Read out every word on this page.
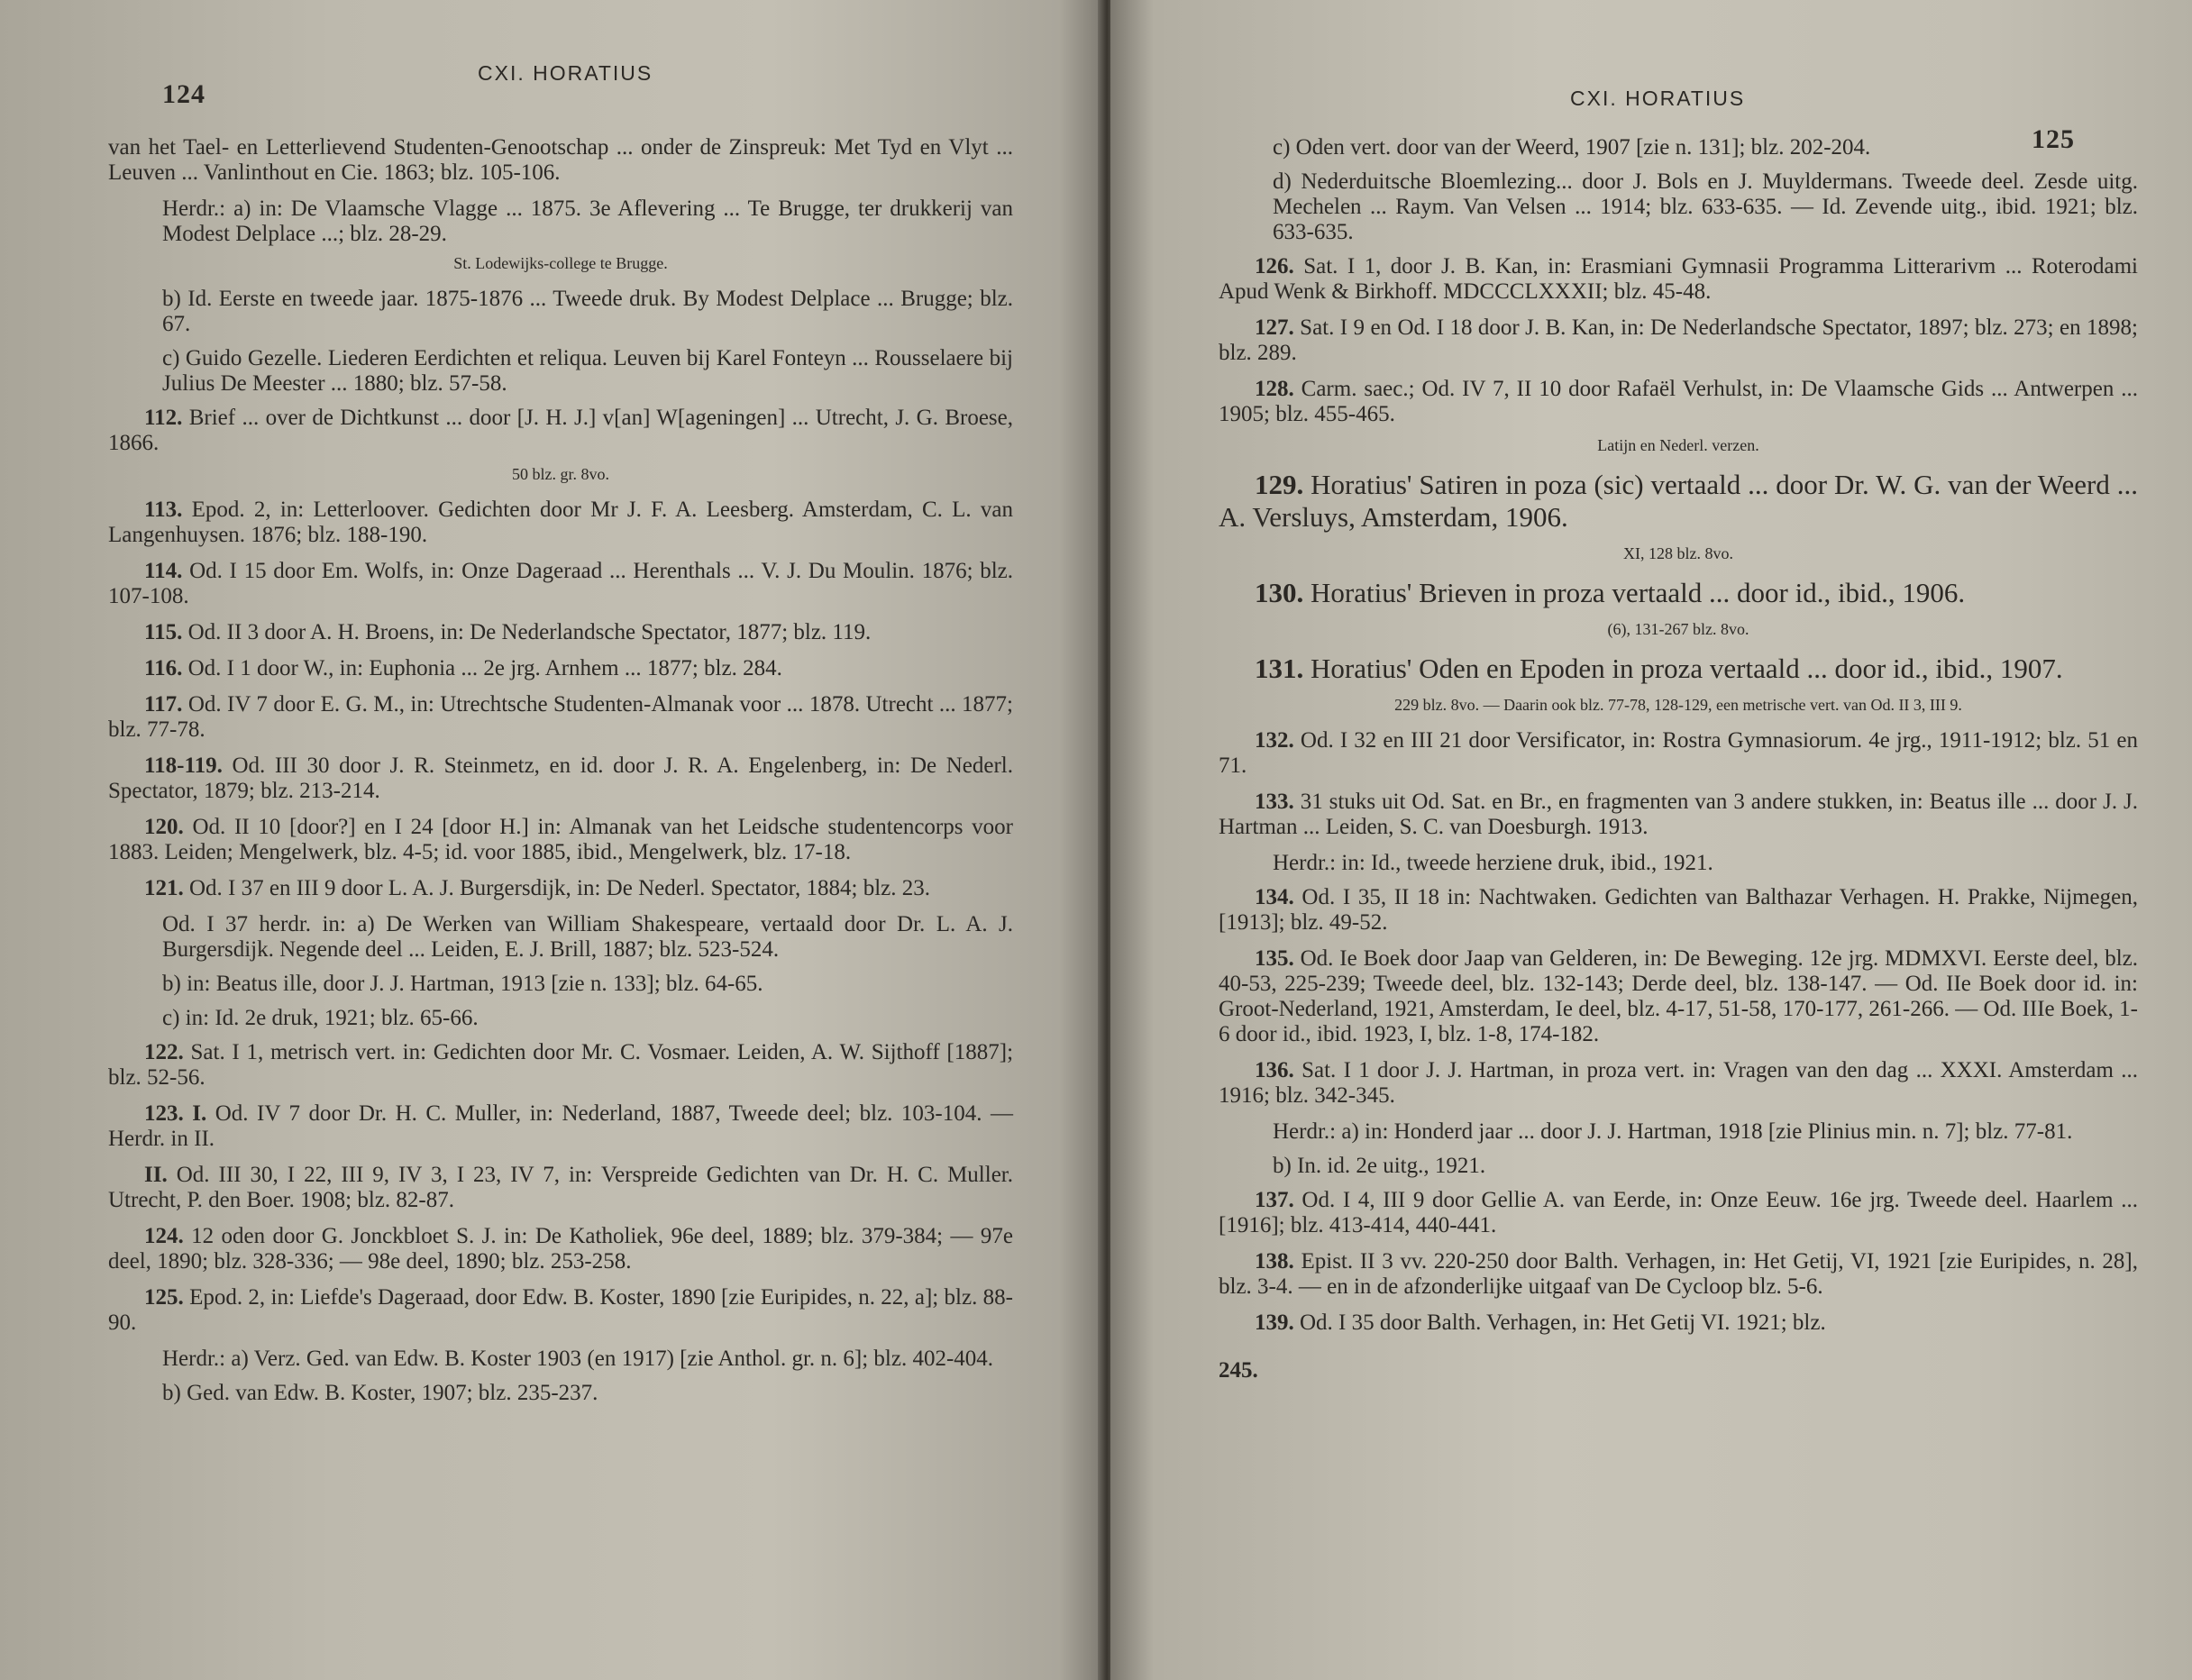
124
CXI. HORATIUS

van het Tael- en Letterlievend Studenten-Genootschap ... onder de Zinspreuk: Met Tyd en Vlyt ... Leuven ... Vanlinthout en Cie. 1863; blz. 105-106.

Herdr.: a) in: De Vlaamsche Vlagge ... 1875. 3e Aflevering ... Te Brugge, ter drukkerij van Modest Delplace ...; blz. 28-29.

St. Lodewijks-college te Brugge.

b) Id. Eerste en tweede jaar. 1875-1876 ... Tweede druk. By Modest Delplace ... Brugge; blz. 67.

c) Guido Gezelle. Liederen Eerdichten et reliqua. Leuven bij Karel Fonteyn ... Rousselaere bij Julius De Meester ... 1880; blz. 57-58.

112. Brief ... over de Dichtkunst ... door [J. H. J.] v[an] W[ageningen] ... Utrecht, J. G. Broese, 1866.

50 blz. gr. 8vo.

113. Epod. 2, in: Letterloover. Gedichten door Mr J. F. A. Leesberg. Amsterdam, C. L. van Langenhuysen. 1876; blz. 188-190.

114. Od. I 15 door Em. Wolfs, in: Onze Dageraad ... Herenthals ... V. J. Du Moulin. 1876; blz. 107-108.

115. Od. II 3 door A. H. Broens, in: De Nederlandsche Spectator, 1877; blz. 119.

116. Od. I 1 door W., in: Euphonia ... 2e jrg. Arnhem ... 1877; blz. 284.

117. Od. IV 7 door E. G. M., in: Utrechtsche Studenten-Almanak voor ... 1878. Utrecht ... 1877; blz. 77-78.

118-119. Od. III 30 door J. R. Steinmetz, en id. door J. R. A. Engelenberg, in: De Nederl. Spectator, 1879; blz. 213-214.

120. Od. II 10 [door?] en I 24 [door H.] in: Almanak van het Leidsche studentencorps voor 1883. Leiden; Mengelwerk, blz. 4-5; id. voor 1885, ibid., Mengelwerk, blz. 17-18.

121. Od. I 37 en III 9 door L. A. J. Burgersdijk, in: De Nederl. Spectator, 1884; blz. 23.

Od. I 37 herdr. in: a) De Werken van William Shakespeare, vertaald door Dr. L. A. J. Burgersdijk. Negende deel ... Leiden, E. J. Brill, 1887; blz. 523-524.

b) in: Beatus ille, door J. J. Hartman, 1913 [zie n. 133]; blz. 64-65.

c) in: Id. 2e druk, 1921; blz. 65-66.

122. Sat. I 1, metrisch vert. in: Gedichten door Mr. C. Vosmaer. Leiden, A. W. Sijthoff [1887]; blz. 52-56.

123. I. Od. IV 7 door Dr. H. C. Muller, in: Nederland, 1887, Tweede deel; blz. 103-104. — Herdr. in II.

II. Od. III 30, I 22, III 9, IV 3, I 23, IV 7, in: Verspreide Gedichten van Dr. H. C. Muller. Utrecht, P. den Boer. 1908; blz. 82-87.

124. 12 oden door G. Jonckbloet S. J. in: De Katholiek, 96e deel, 1889; blz. 379-384; — 97e deel, 1890; blz. 328-336; — 98e deel, 1890; blz. 253-258.

125. Epod. 2, in: Liefde's Dageraad, door Edw. B. Koster, 1890 [zie Euripides, n. 22, a]; blz. 88-90.

Herdr.: a) Verz. Ged. van Edw. B. Koster 1903 (en 1917) [zie Anthol. gr. n. 6]; blz. 402-404.

b) Ged. van Edw. B. Koster, 1907; blz. 235-237.

125
CXI. HORATIUS

c) Oden vert. door van der Weerd, 1907 [zie n. 131]; blz. 202-204.

d) Nederduitsche Bloemlezing... door J. Bols en J. Muyldermans. Tweede deel. Zesde uitg. Mechelen ... Raym. Van Velsen ... 1914; blz. 633-635. — Id. Zevende uitg., ibid. 1921; blz. 633-635.

126. Sat. I 1, door J. B. Kan, in: Erasmiani Gymnasii Programma Litterarivm ... Roterodami Apud Wenk & Birkhoff. MDCCCLXXXII; blz. 45-48.

127. Sat. I 9 en Od. I 18 door J. B. Kan, in: De Nederlandsche Spectator, 1897; blz. 273; en 1898; blz. 289.

128. Carm. saec.; Od. IV 7, II 10 door Rafaël Verhulst, in: De Vlaamsche Gids ... Antwerpen ... 1905; blz. 455-465.

Latijn en Nederl. verzen.

129. Horatius' Satiren in poza (sic) vertaald ... door Dr. W. G. van der Weerd ... A. Versluys, Amsterdam, 1906.

XI, 128 blz. 8vo.

130. Horatius' Brieven in proza vertaald ... door id., ibid., 1906.

(6), 131-267 blz. 8vo.

131. Horatius' Oden en Epoden in proza vertaald ... door id., ibid., 1907.

229 blz. 8vo. — Daarin ook blz. 77-78, 128-129, een metrische vert. van Od. II 3, III 9.

132. Od. I 32 en III 21 door Versificator, in: Rostra Gymnasiorum. 4e jrg., 1911-1912; blz. 51 en 71.

133. 31 stuks uit Od. Sat. en Br., en fragmenten van 3 andere stukken, in: Beatus ille ... door J. J. Hartman ... Leiden, S. C. van Doesburgh. 1913.

Herdr.: in: Id., tweede herziene druk, ibid., 1921.

134. Od. I 35, II 18 in: Nachtwaken. Gedichten van Balthazar Verhagen. H. Prakke, Nijmegen, [1913]; blz. 49-52.

135. Od. Ie Boek door Jaap van Gelderen, in: De Beweging. 12e jrg. MDMXVI. Eerste deel, blz. 40-53, 225-239; Tweede deel, blz. 132-143; Derde deel, blz. 138-147. — Od. IIe Boek door id. in: Groot-Nederland, 1921, Amsterdam, Ie deel, blz. 4-17, 51-58, 170-177, 261-266. — Od. IIIe Boek, 1-6 door id., ibid. 1923, I, blz. 1-8, 174-182.

136. Sat. I 1 door J. J. Hartman, in proza vert. in: Vragen van den dag ... XXXI. Amsterdam ... 1916; blz. 342-345.

Herdr.: a) in: Honderd jaar ... door J. J. Hartman, 1918 [zie Plinius min. n. 7]; blz. 77-81.

b) In. id. 2e uitg., 1921.

137. Od. I 4, III 9 door Gellie A. van Eerde, in: Onze Eeuw. 16e jrg. Tweede deel. Haarlem ... [1916]; blz. 413-414, 440-441.

138. Epist. II 3 vv. 220-250 door Balth. Verhagen, in: Het Getij, VI, 1921 [zie Euripides, n. 28], blz. 3-4. — en in de afzonderlijke uitgaaf van De Cycloop blz. 5-6.

139. Od. I 35 door Balth. Verhagen, in: Het Getij VI. 1921; blz.

245.
